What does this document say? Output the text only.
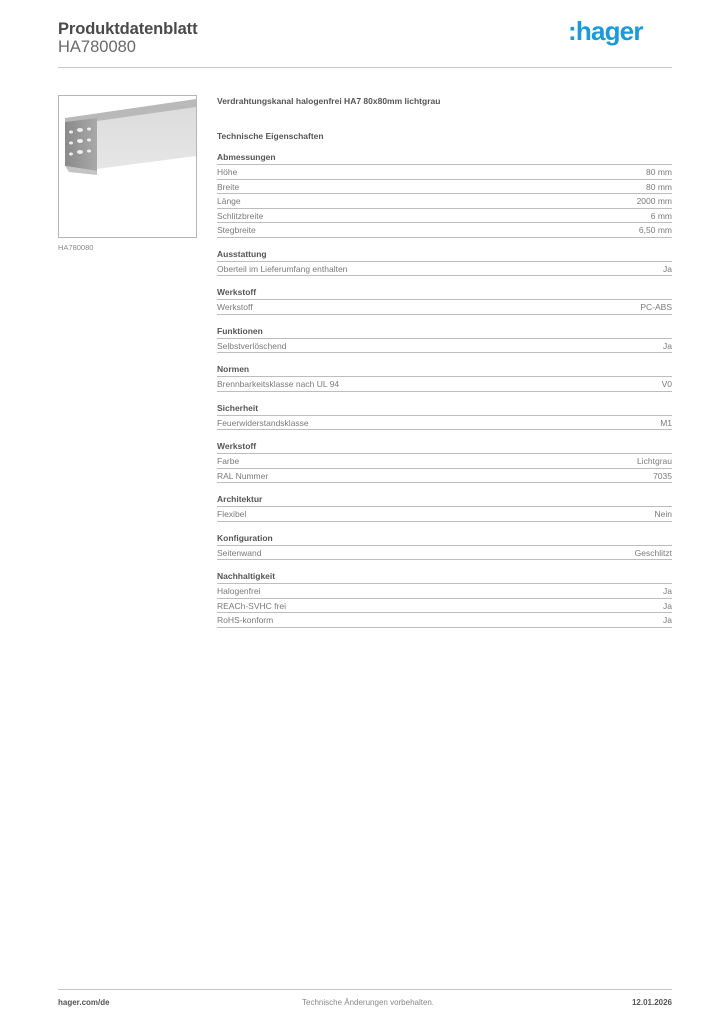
Produktdatenblatt
HA780080
:hager
HA780080
Verdrahtungskanal halogenfrei HA7 80x80mm lichtgrau
Technische Eigenschaften
Abmessungen
Höhe	80 mm
Breite	80 mm
Länge	2000 mm
Schlitzbreite	6 mm
Stegbreite	6,50 mm
Ausstattung
Oberteil im Lieferumfang enthalten	Ja
Werkstoff
Werkstoff	PC-ABS
Funktionen
Selbstverlöschend	Ja
Normen
Brennbarkeitsklasse nach UL 94	V0
Sicherheit
Feuerwiderstandsklasse	M1
Werkstoff
Farbe	Lichtgrau
RAL Nummer	7035
Architektur
Flexibel	Nein
Konfiguration
Seitenwand	Geschlitzt
Nachhaltigkeit
Halogenfrei	Ja
REACh-SVHC frei	Ja
RoHS-konform	Ja
hager.com/de	Technische Änderungen vorbehalten.	12.01.2026
